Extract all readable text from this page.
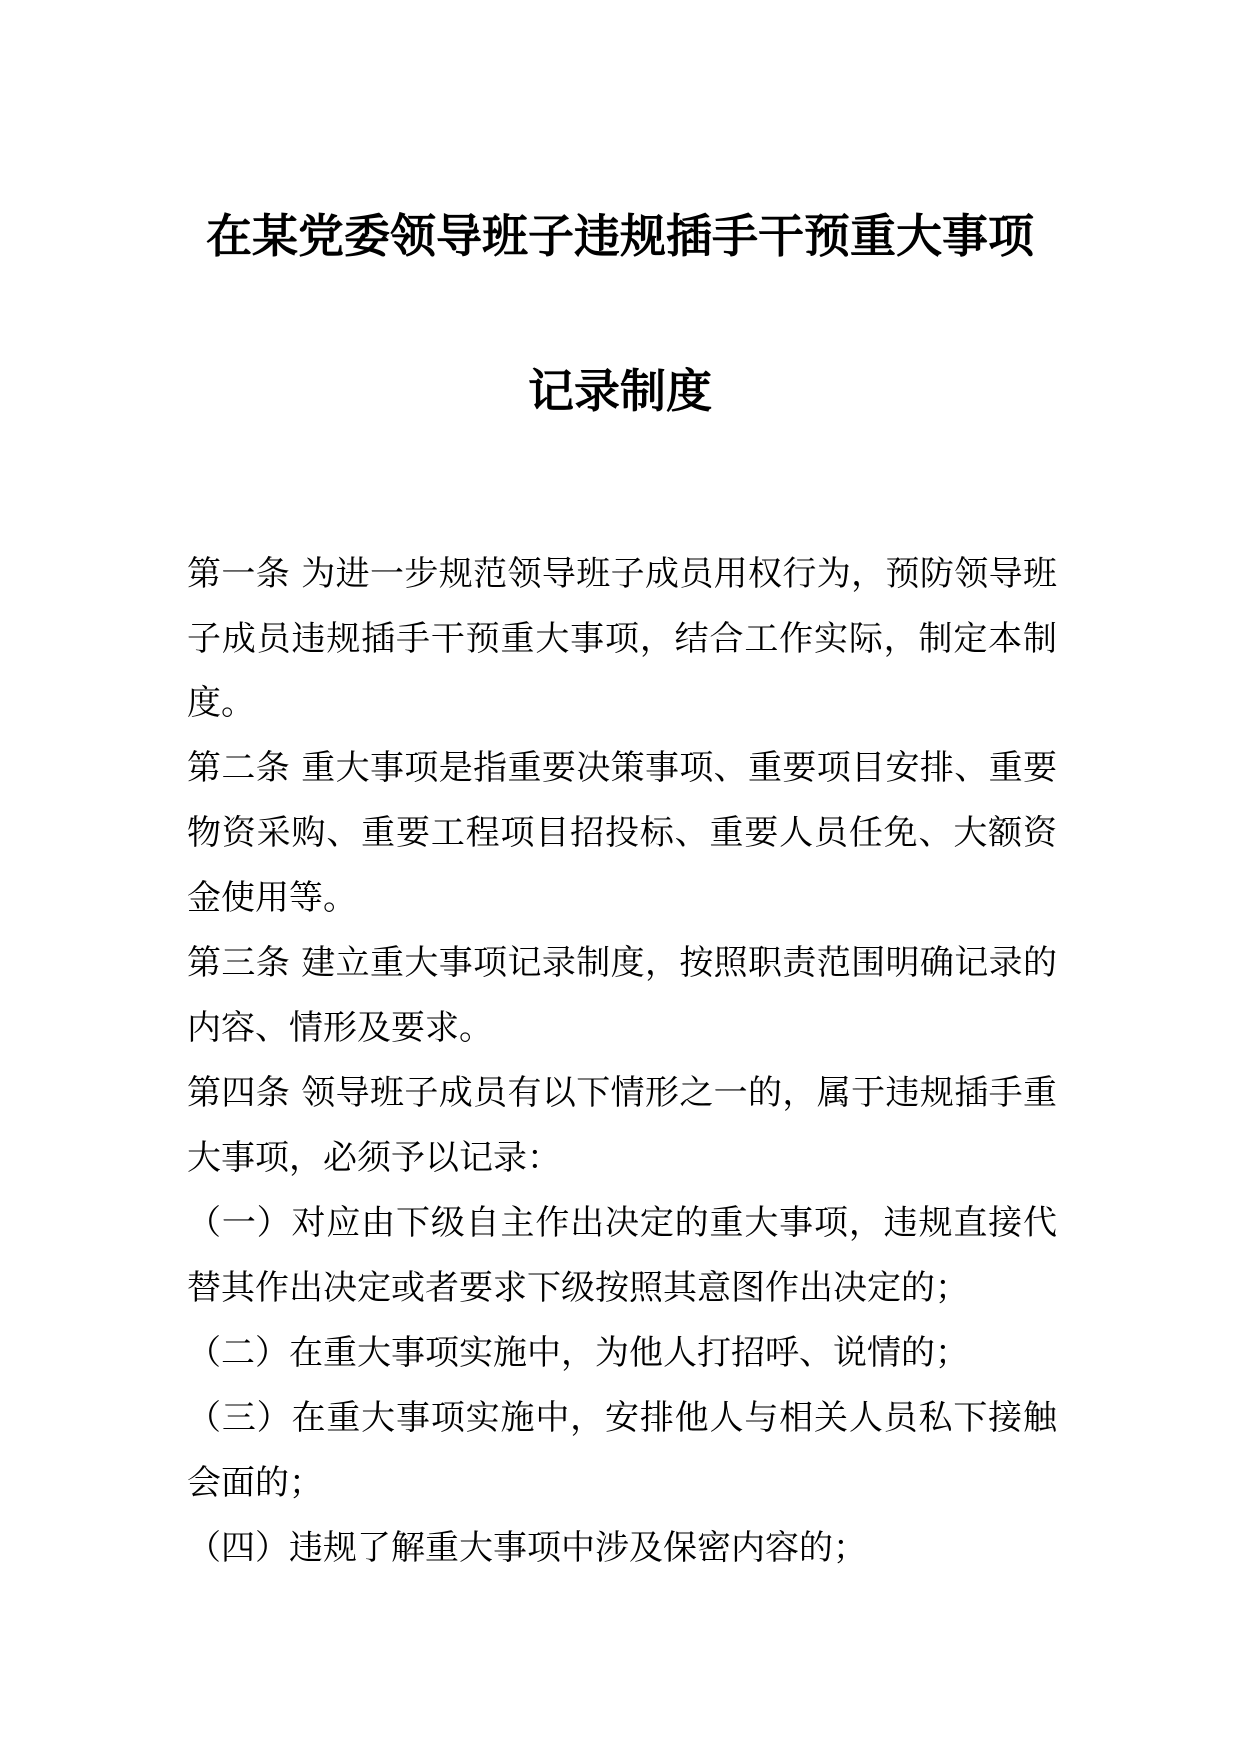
在某党委领导班子违规插手干预重大事项
记录制度
第一条 为进一步规范领导班子成员用权行为，预防领导班
子成员违规插手干预重大事项，结合工作实际，制定本制
度。
第二条 重大事项是指重要决策事项、重要项目安排、重要
物资采购、重要工程项目招投标、重要人员任免、大额资
金使用等。
第三条 建立重大事项记录制度，按照职责范围明确记录的
内容、情形及要求。
第四条 领导班子成员有以下情形之一的，属于违规插手重
大事项，必须予以记录：
（一）对应由下级自主作出决定的重大事项，违规直接代
替其作出决定或者要求下级按照其意图作出决定的；
（二）在重大事项实施中，为他人打招呼、说情的；
（三）在重大事项实施中，安排他人与相关人员私下接触
会面的；
（四）违规了解重大事项中涉及保密内容的；
